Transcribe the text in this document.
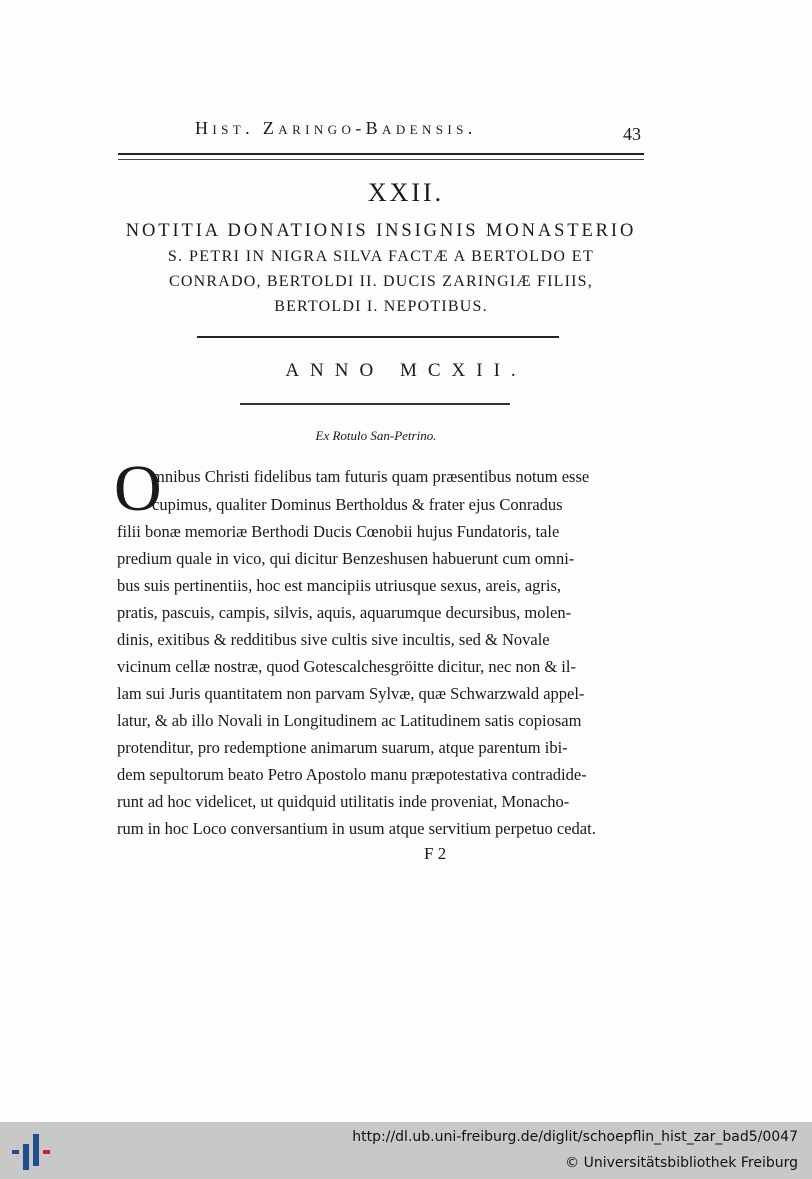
Hist. Zaringo-Badensis.	43
XXII.
NOTITIA DONATIONIS INSIGNIS MONASTERIO
S. PETRI IN NIGRA SILVA FACTÆ A BERTOLDO ET
CONRADO, BERTOLDI II. DUCIS ZARINGIÆ FILIIS,
BERTOLDI I. NEPOTIBUS.
ANNO MCXII.
Ex Rotulo San-Petrino.
O
mnibus Christi fidelibus tam futuris quam præsentibus notum esse
cupimus, qualiter Dominus Bertholdus & frater ejus Conradus
filii bonæ memoriæ Berthodi Ducis Cœnobii hujus Fundatoris, tale
predium quale in vico, qui dicitur Benzeshusen habuerunt cum omni-
bus suis pertinentiis, hoc est mancipiis utriusque sexus, areis, agris,
pratis, pascuis, campis, silvis, aquis, aquarumque decursibus, molen-
dinis, exitibus & redditibus sive cultis sive incultis, sed & Novale
vicinum cellæ nostræ, quod Gotescalchesgröitte dicitur, nec non & il-
lam sui Juris quantitatem non parvam Sylvæ, quæ Schwarzwald appel-
latur, & ab illo Novali in Longitudinem ac Latitudinem satis copiosam
protenditur, pro redemptione animarum suarum, atque parentum ibi-
dem sepultorum beato Petro Apostolo manu præpotestativa contradide-
runt ad hoc videlicet, ut quidquid utilitatis inde proveniat, Monacho-
rum in hoc Loco conversantium in usum atque servitium perpetuo cedat.
F 2
http://dl.ub.uni-freiburg.de/diglit/schoepflin_hist_zar_bad5/0047
© Universitätsbibliothek Freiburg
